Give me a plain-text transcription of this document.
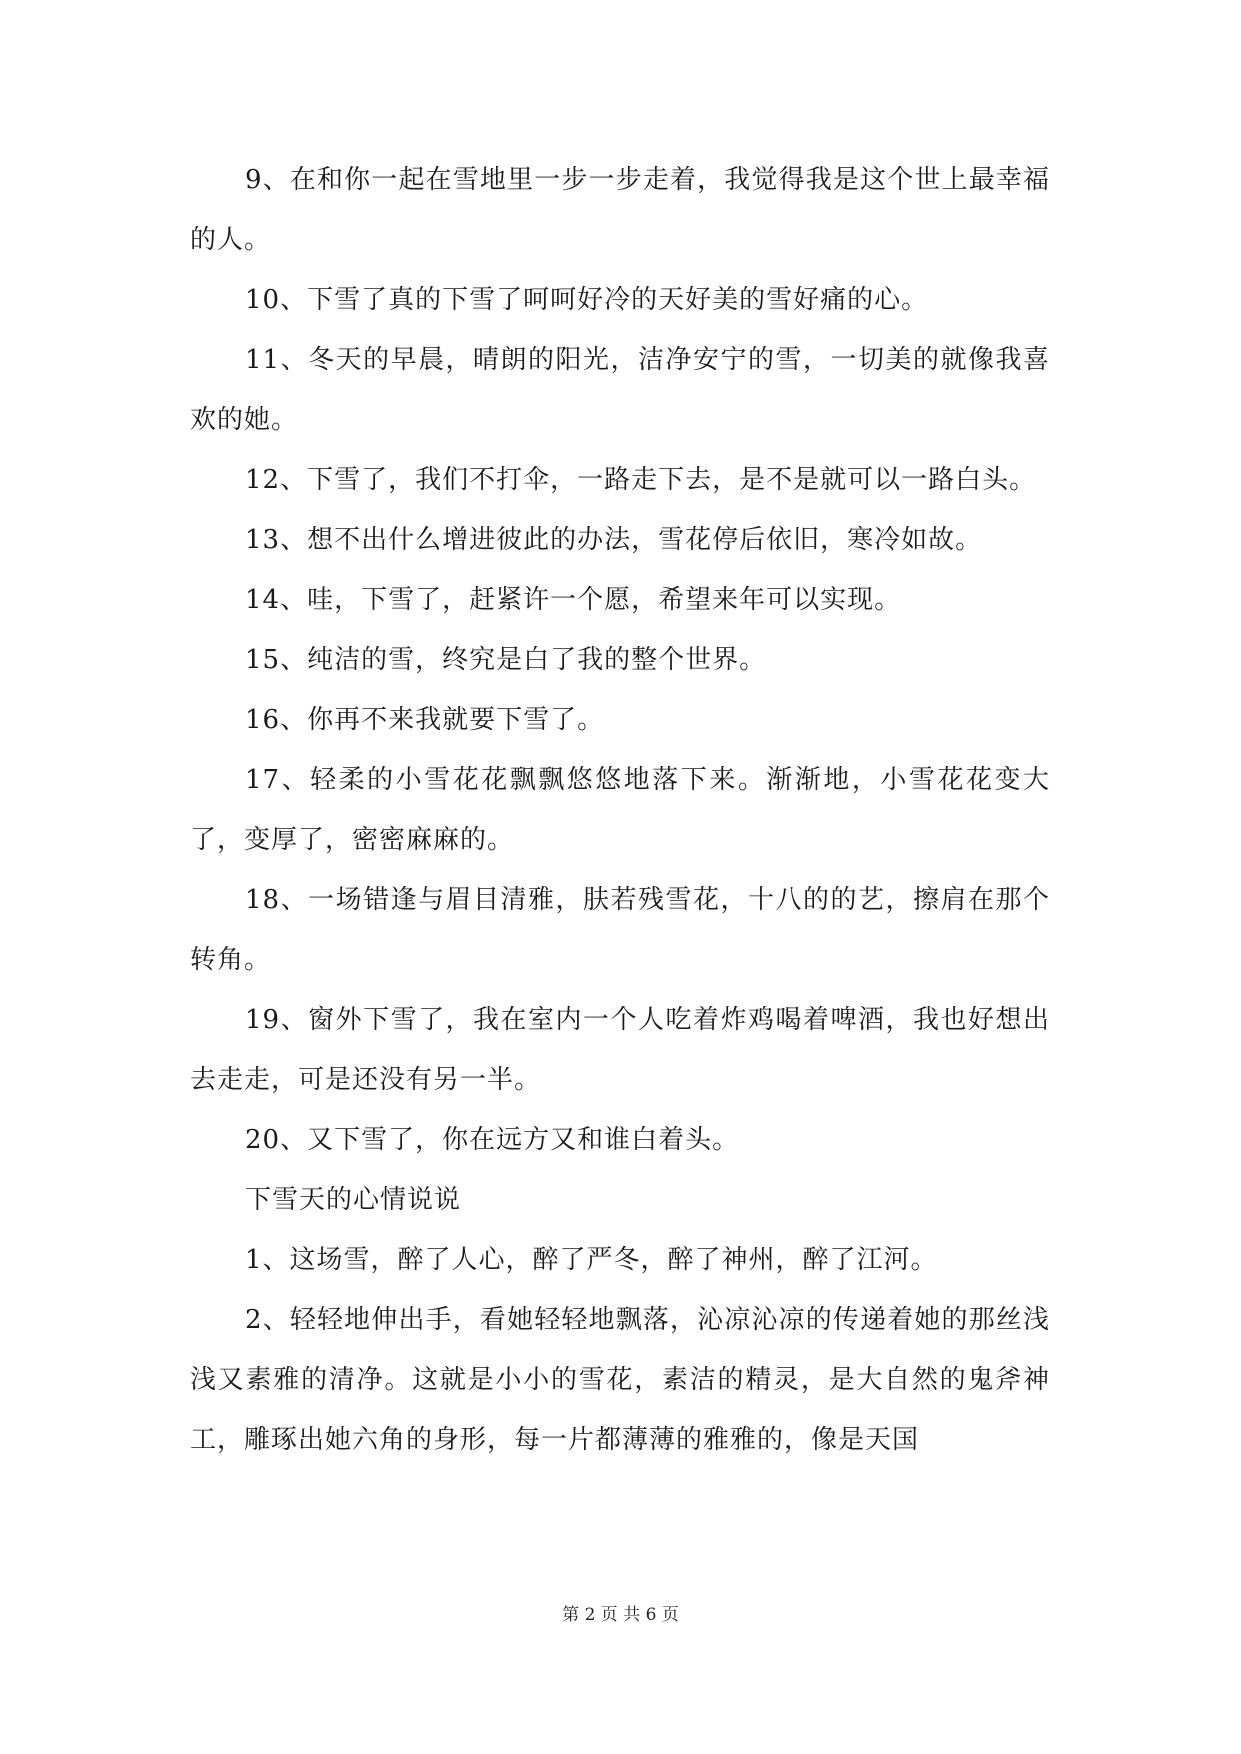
9、在和你一起在雪地里一步一步走着，我觉得我是这个世上最幸福的人。

10、下雪了真的下雪了呵呵好冷的天好美的雪好痛的心。

11、冬天的早晨，晴朗的阳光，洁净安宁的雪，一切美的就像我喜欢的她。

12、下雪了，我们不打伞，一路走下去，是不是就可以一路白头。

13、想不出什么增进彼此的办法，雪花停后依旧，寒冷如故。

14、哇，下雪了，赶紧许一个愿，希望来年可以实现。

15、纯洁的雪，终究是白了我的整个世界。

16、你再不来我就要下雪了。

17、轻柔的小雪花花飘飘悠悠地落下来。渐渐地，小雪花花变大了，变厚了，密密麻麻的。

18、一场错逢与眉目清雅，肤若残雪花，十八的的艺，擦肩在那个转角。

19、窗外下雪了，我在室内一个人吃着炸鸡喝着啤酒，我也好想出去走走，可是还没有另一半。

20、又下雪了，你在远方又和谁白着头。

下雪天的心情说说

1、这场雪，醉了人心，醉了严冬，醉了神州，醉了江河。

2、轻轻地伸出手，看她轻轻地飘落，沁凉沁凉的传递着她的那丝浅浅又素雅的清净。这就是小小的雪花，素洁的精灵，是大自然的鬼斧神工，雕琢出她六角的身形，每一片都薄薄的雅雅的，像是天国

第 2 页 共 6 页
